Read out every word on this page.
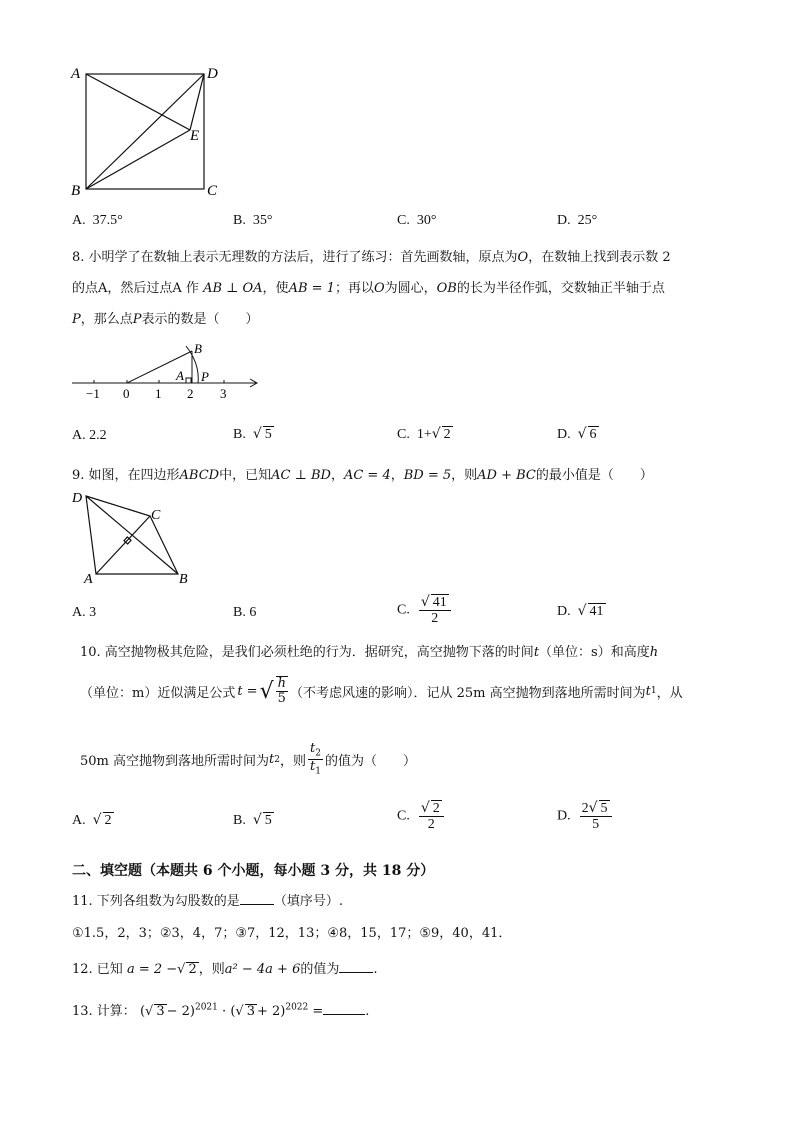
A	D
E
B	C
A. 37.5°	B. 35°	C. 30°	D. 25°
8. 小明学了在数轴上表示无理数的方法后，进行了练习：首先画数轴，原点为O，在数轴上找到表示数 2
的点A，然后过点A 作 AB ⊥ OA，使AB = 1；再以O为圆心，OB的长为半径作弧，交数轴正半轴于点
P，那么点P表示的数是（　　）
B
A P
−1 0 1 2 3
A. 2.2	B. √ 5	C. 1+√ 2	D. √ 6
9. 如图，在四边形ABCD中，已知AC ⊥ BD，AC = 4，BD = 5，则AD + BC的最小值是（　　）
D
C
A	B
A. 3	B. 6	C. $\frac{√ 41}{2}$	D. √ 41
10. 高空抛物极其危险，是我们必须杜绝的行为．据研究，高空抛物下落的时间t（单位：s）和高度h
（单位：m）近似满足公式 t = √ $\frac{h}{5}$ （不考虑风速的影响）．记从 25m 高空抛物到落地所需时间为 t 1 ，从
50m 高空抛物到落地所需时间为 t 2 ，则 $\frac{t_2}{t_1}$ 的值为（　　）
A. √ 2	B. √ 5	C. $\frac{√ 2}{2}$	D. $\frac{2√ 5}{5}$
二、填空题（本题共 6 个小题，每小题 3 分，共 18 分）
11. 下列各组数为勾股数的是	（填序号）.
①1.5，2，3；②3，4，7；③7，12，13；④8，15，17；⑤9，40，41．
12. 已知 a = 2 −√ 2 ，则a² − 4a + 6的值为	.
13. 计算： (√ 3 − 2)$^{2021}$ · (√ 3 + 2)$^{2022}$ =	.
